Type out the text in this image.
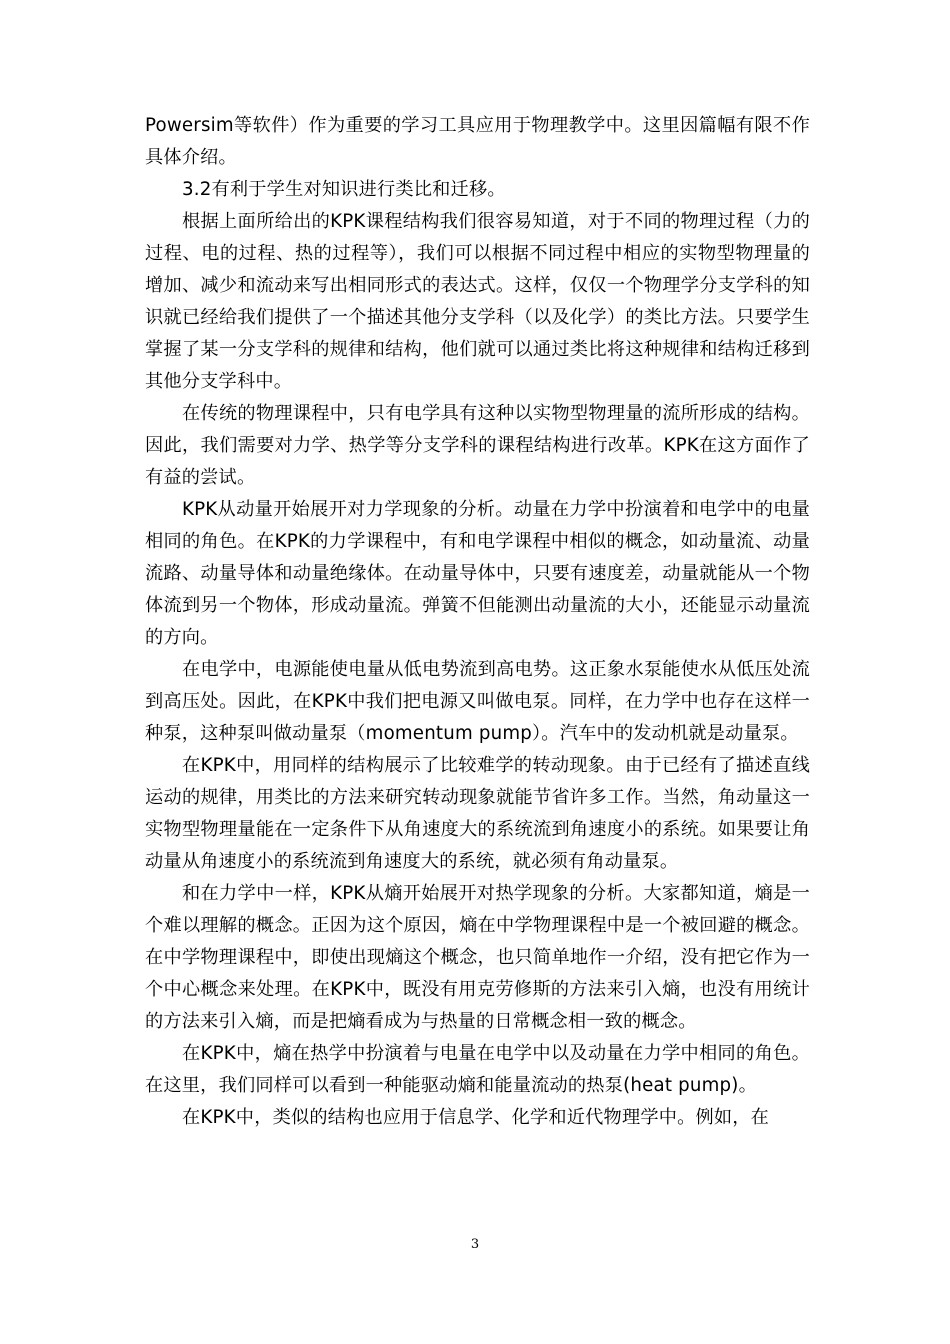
Powersim等软件）作为重要的学习工具应用于物理教学中。这里因篇幅有限不作具体介绍。

3.2有利于学生对知识进行类比和迁移。

根据上面所给出的KPK课程结构我们很容易知道，对于不同的物理过程（力的过程、电的过程、热的过程等），我们可以根据不同过程中相应的实物型物理量的增加、减少和流动来写出相同形式的表达式。这样，仅仅一个物理学分支学科的知识就已经给我们提供了一个描述其他分支学科（以及化学）的类比方法。只要学生掌握了某一分支学科的规律和结构，他们就可以通过类比将这种规律和结构迁移到其他分支学科中。

在传统的物理课程中，只有电学具有这种以实物型物理量的流所形成的结构。因此，我们需要对力学、热学等分支学科的课程结构进行改革。KPK在这方面作了有益的尝试。

KPK从动量开始展开对力学现象的分析。动量在力学中扮演着和电学中的电量相同的角色。在KPK的力学课程中，有和电学课程中相似的概念，如动量流、动量流路、动量导体和动量绝缘体。在动量导体中，只要有速度差，动量就能从一个物体流到另一个物体，形成动量流。弹簧不但能测出动量流的大小，还能显示动量流的方向。

在电学中，电源能使电量从低电势流到高电势。这正象水泵能使水从低压处流到高压处。因此，在KPK中我们把电源又叫做电泵。同样，在力学中也存在这样一种泵，这种泵叫做动量泵（momentum pump）。汽车中的发动机就是动量泵。

在KPK中，用同样的结构展示了比较难学的转动现象。由于已经有了描述直线运动的规律，用类比的方法来研究转动现象就能节省许多工作。当然，角动量这一实物型物理量能在一定条件下从角速度大的系统流到角速度小的系统。如果要让角动量从角速度小的系统流到角速度大的系统，就必须有角动量泵。

和在力学中一样，KPK从熵开始展开对热学现象的分析。大家都知道，熵是一个难以理解的概念。正因为这个原因，熵在中学物理课程中是一个被回避的概念。在中学物理课程中，即使出现熵这个概念，也只简单地作一介绍，没有把它作为一个中心概念来处理。在KPK中，既没有用克劳修斯的方法来引入熵，也没有用统计的方法来引入熵，而是把熵看成为与热量的日常概念相一致的概念。

在KPK中，熵在热学中扮演着与电量在电学中以及动量在力学中相同的角色。在这里，我们同样可以看到一种能驱动熵和能量流动的热泵(heat pump)。

在KPK中，类似的结构也应用于信息学、化学和近代物理学中。例如，在

3
